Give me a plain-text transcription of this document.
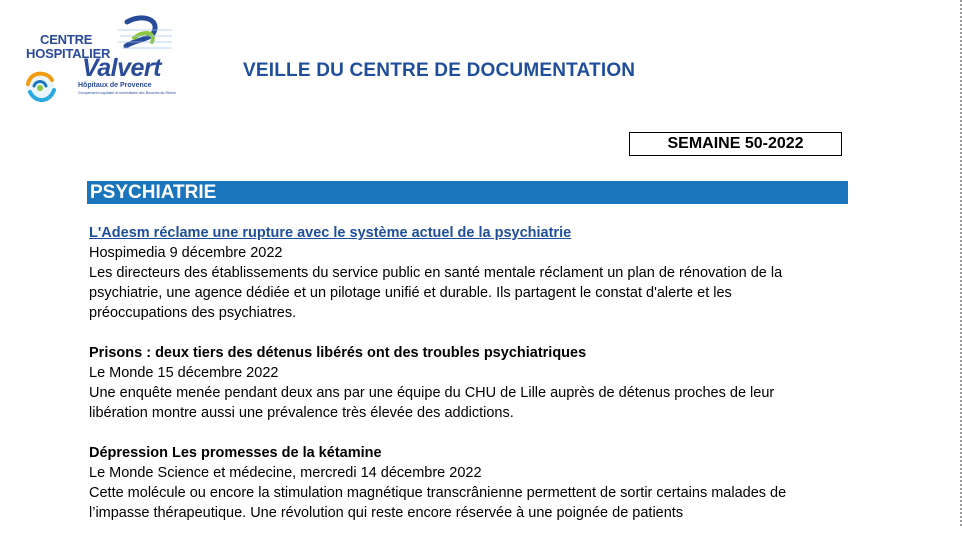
CENTRE
HOSPITALIER
Valvert
Hôpitaux de Provence
Groupement hospitalier et universitaire des Bouches-du-Rhône
VEILLE DU CENTRE DE DOCUMENTATION
SEMAINE 50-2022
PSYCHIATRIE

L'Adesm réclame une rupture avec le système actuel de la psychiatrie

Hospimedia 9 décembre 2022

Les directeurs des établissements du service public en santé mentale réclament un plan de rénovation de la psychiatrie, une agence dédiée et un pilotage unifié et durable. Ils partagent le constat d'alerte et les préoccupations des psychiatres.

Prisons : deux tiers des détenus libérés ont des troubles psychiatriques

Le Monde 15 décembre 2022

Une enquête menée pendant deux ans par une équipe du CHU de Lille auprès de détenus proches de leur libération montre aussi une prévalence très élevée des addictions.

Dépression Les promesses de la kétamine

Le Monde Science et médecine, mercredi 14 décembre 2022

Cette molécule ou encore la stimulation magnétique transcrânienne permettent de sortir certains malades de l’impasse thérapeutique. Une révolution qui reste encore réservée à une poignée de patients
